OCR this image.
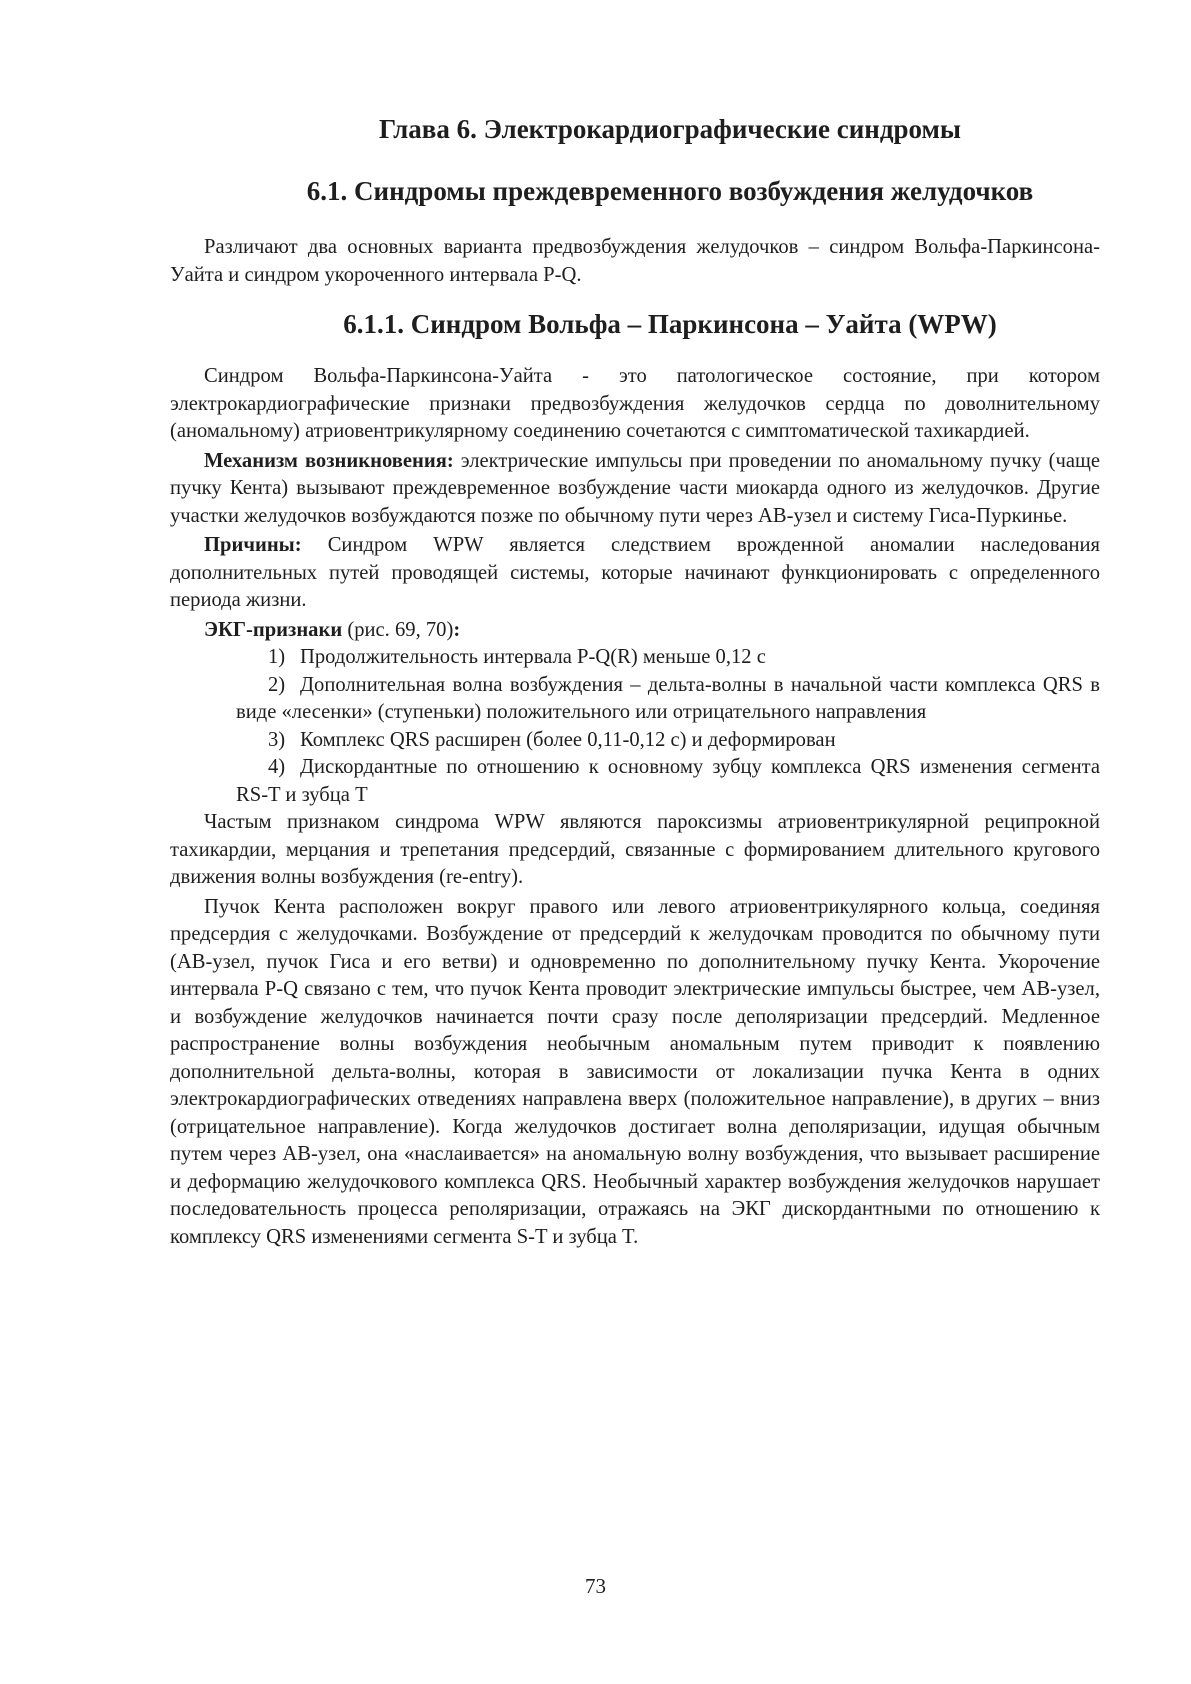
Глава 6. Электрокардиографические синдромы
6.1. Синдромы преждевременного возбуждения желудочков

Различают два основных варианта предвозбуждения желудочков – синдром Вольфа-Паркинсона-Уайта и синдром укороченного интервала P-Q.

6.1.1. Синдром Вольфа – Паркинсона – Уайта (WPW)

Синдром Вольфа-Паркинсона-Уайта - это патологическое состояние, при котором электрокардиографические признаки предвозбуждения желудочков сердца по доволнительному (аномальному) атриовентрикулярному соединению сочетаются с симптоматической тахикардией.

Механизм возникновения: электрические импульсы при проведении по аномальному пучку (чаще пучку Кента) вызывают преждевременное возбуждение части миокарда одного из желудочков. Другие участки желудочков возбуждаются позже по обычному пути через АВ-узел и систему Гиса-Пуркинье.

Причины: Синдром WPW является следствием врожденной аномалии наследования дополнительных путей проводящей системы, которые начинают функционировать с определенного периода жизни.

ЭКГ-признаки (рис. 69, 70):

1) Продолжительность интервала P-Q(R) меньше 0,12 с

2) Дополнительная волна возбуждения – дельта-волны в начальной части комплекса QRS в виде «лесенки» (ступеньки) положительного или отрицательного направления

3) Комплекс QRS расширен (более 0,11-0,12 с) и деформирован

4) Дискордантные по отношению к основному зубцу комплекса QRS изменения сегмента RS-T и зубца T

Частым признаком синдрома WPW являются пароксизмы атриовентрикулярной реципрокной тахикардии, мерцания и трепетания предсердий, связанные с формированием длительного кругового движения волны возбуждения (re-entry).

Пучок Кента расположен вокруг правого или левого атриовентрикулярного кольца, соединяя предсердия с желудочками. Возбуждение от предсердий к желудочкам проводится по обычному пути (АВ-узел, пучок Гиса и его ветви) и одновременно по дополнительному пучку Кента. Укорочение интервала P-Q связано с тем, что пучок Кента проводит электрические импульсы быстрее, чем АВ-узел, и возбуждение желудочков начинается почти сразу после деполяризации предсердий. Медленное распространение волны возбуждения необычным аномальным путем приводит к появлению дополнительной дельта-волны, которая в зависимости от локализации пучка Кента в одних электрокардиографических отведениях направлена вверх (положительное направление), в других – вниз (отрицательное направление). Когда желудочков достигает волна деполяризации, идущая обычным путем через АВ-узел, она «наслаивается» на аномальную волну возбуждения, что вызывает расширение и деформацию желудочкового комплекса QRS. Необычный характер возбуждения желудочков нарушает последовательность процесса реполяризации, отражаясь на ЭКГ дискордантными по отношению к комплексу QRS изменениями сегмента S-T и зубца T.

73
